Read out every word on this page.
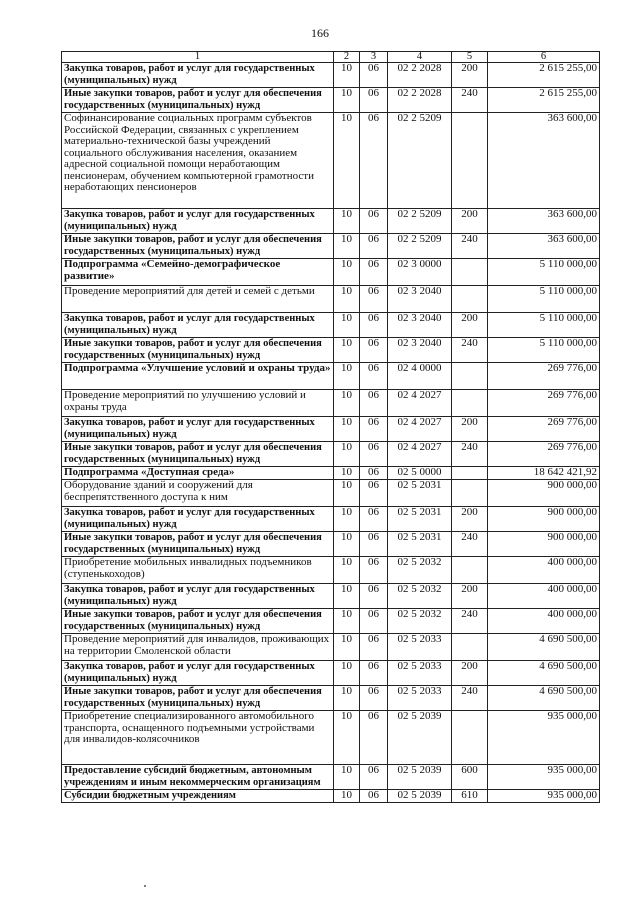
166
1	2	3	4	5	6
Закупка товаров, работ и услуг для государственных (муниципальных) нужд	10	06	02 2 2028	200	2 615 255,00
Иные закупки товаров, работ и услуг для обеспечения государственных (муниципальных) нужд	10	06	02 2 2028	240	2 615 255,00
Софинансирование социальных программ субъектов Российской Федерации, связанных с укреплением материально-технической базы учреждений социального обслуживания населения, оказанием адресной социальной помощи неработающим пенсионерам, обучением компьютерной грамотности неработающих пенсионеров	10	06	02 2 5209		363 600,00
Закупка товаров, работ и услуг для государственных (муниципальных) нужд	10	06	02 2 5209	200	363 600,00
Иные закупки товаров, работ и услуг для обеспечения государственных (муниципальных) нужд	10	06	02 2 5209	240	363 600,00
Подпрограмма «Семейно-демографическое развитие»	10	06	02 3 0000		5 110 000,00
Проведение мероприятий для детей и семей с детьми	10	06	02 3 2040		5 110 000,00
Закупка товаров, работ и услуг для государственных (муниципальных) нужд	10	06	02 3 2040	200	5 110 000,00
Иные закупки товаров, работ и услуг для обеспечения государственных (муниципальных) нужд	10	06	02 3 2040	240	5 110 000,00
Подпрограмма «Улучшение условий и охраны труда»	10	06	02 4 0000		269 776,00
Проведение мероприятий по улучшению условий и охраны труда	10	06	02 4 2027		269 776,00
Закупка товаров, работ и услуг для государственных (муниципальных) нужд	10	06	02 4 2027	200	269 776,00
Иные закупки товаров, работ и услуг для обеспечения государственных (муниципальных) нужд	10	06	02 4 2027	240	269 776,00
Подпрограмма «Доступная среда»	10	06	02 5 0000		18 642 421,92
Оборудование зданий и сооружений для беспрепятственного доступа к ним	10	06	02 5 2031		900 000,00
Закупка товаров, работ и услуг для государственных (муниципальных) нужд	10	06	02 5 2031	200	900 000,00
Иные закупки товаров, работ и услуг для обеспечения государственных (муниципальных) нужд	10	06	02 5 2031	240	900 000,00
Приобретение мобильных инвалидных подъемников (ступенькоходов)	10	06	02 5 2032		400 000,00
Закупка товаров, работ и услуг для государственных (муниципальных) нужд	10	06	02 5 2032	200	400 000,00
Иные закупки товаров, работ и услуг для обеспечения государственных (муниципальных) нужд	10	06	02 5 2032	240	400 000,00
Проведение мероприятий для инвалидов, проживающих на территории Смоленской области	10	06	02 5 2033		4 690 500,00
Закупка товаров, работ и услуг для государственных (муниципальных) нужд	10	06	02 5 2033	200	4 690 500,00
Иные закупки товаров, работ и услуг для обеспечения государственных (муниципальных) нужд	10	06	02 5 2033	240	4 690 500,00
Приобретение специализированного автомобильного транспорта, оснащенного подъемными устройствами для инвалидов-колясочников	10	06	02 5 2039		935 000,00
Предоставление субсидий бюджетным, автономным учреждениям и иным некоммерческим организациям	10	06	02 5 2039	600	935 000,00
Субсидии бюджетным учреждениям	10	06	02 5 2039	610	935 000,00
